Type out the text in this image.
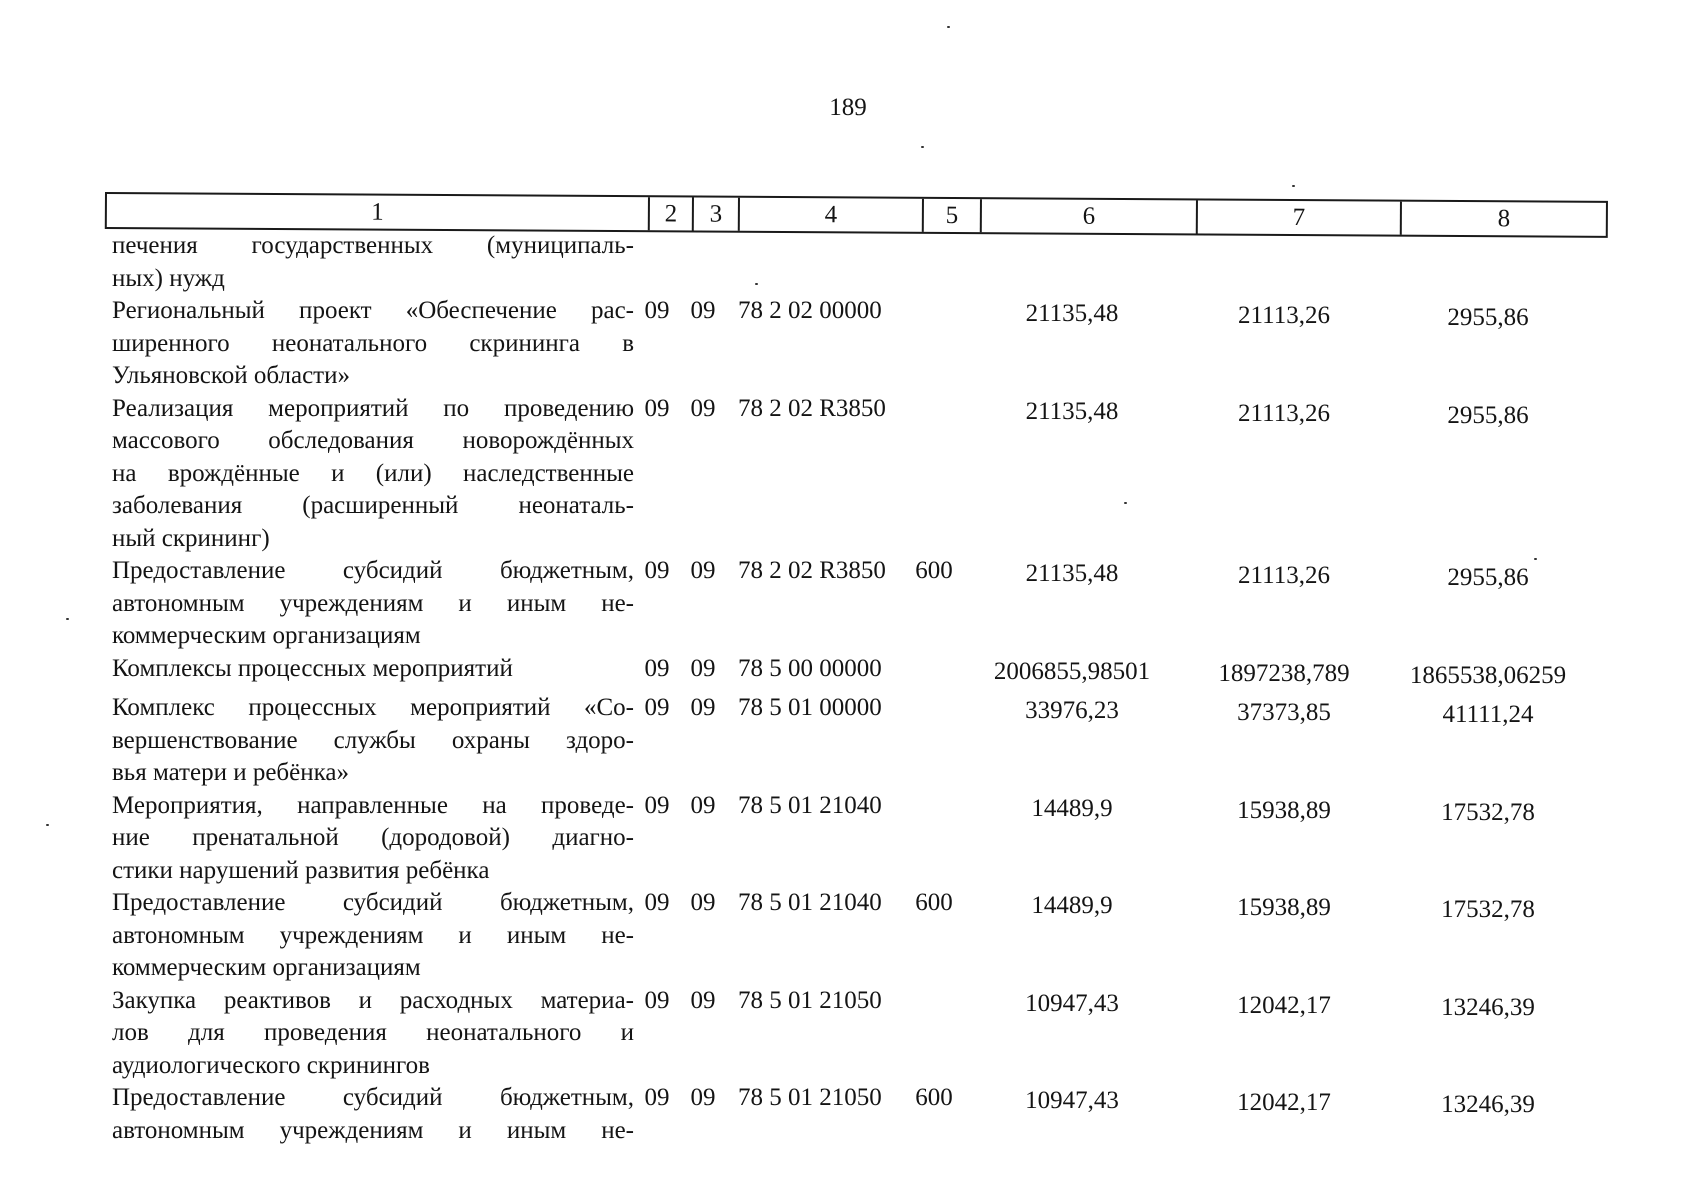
189
1	2	3	4	5	6	7	8
печения государственных (муниципаль-
ных) нужд
Региональный проект «Обеспечение рас-
ширенного неонатального скрининга в
Ульяновской области»
09 09 78 2 02 00000	21135,48	21113,26	2955,86
Реализация мероприятий по проведению
массового обследования новорождённых
на врождённые и (или) наследственные
заболевания (расширенный неонаталь-
ный скрининг)
09 09 78 2 02 R3850	21135,48	21113,26	2955,86
Предоставление субсидий бюджетным,
автономным учреждениям и иным не-
коммерческим организациям
09 09 78 2 02 R3850	600	21135,48	21113,26	2955,86
Комплексы процессных мероприятий	09 09 78 5 00 00000	2006855,98501	1897238,789	1865538,06259
Комплекс процессных мероприятий «Со-
вершенствование службы охраны здоро-
вья матери и ребёнка»
09 09 78 5 01 00000	33976,23	37373,85	41111,24
Мероприятия, направленные на проведе-
ние пренатальной (дородовой) диагно-
стики нарушений развития ребёнка
09 09 78 5 01 21040	14489,9	15938,89	17532,78
Предоставление субсидий бюджетным,
автономным учреждениям и иным не-
коммерческим организациям
09 09 78 5 01 21040	600	14489,9	15938,89	17532,78
Закупка реактивов и расходных материа-
лов для проведения неонатального и
аудиологического скринингов
09 09 78 5 01 21050	10947,43	12042,17	13246,39
Предоставление субсидий бюджетным,
автономным учреждениям и иным не-
09 09 78 5 01 21050	600	10947,43	12042,17	13246,39
